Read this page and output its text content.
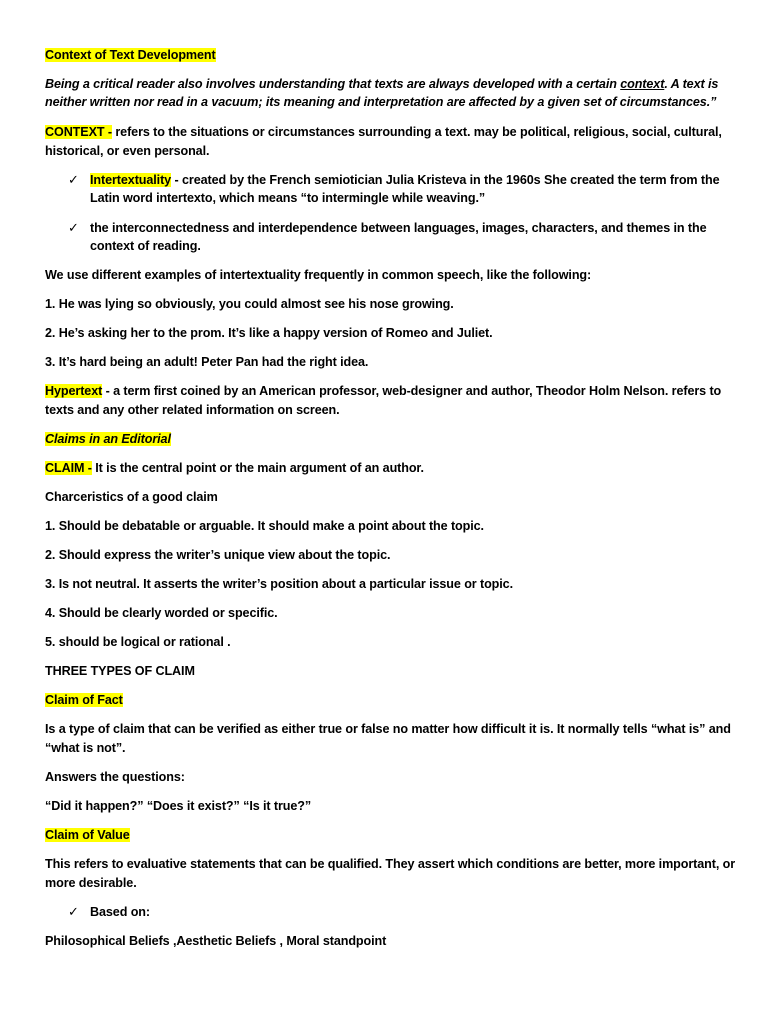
Context of Text Development
Being a critical reader also involves understanding that texts are always developed with a certain context. A text is
neither written nor read in a vacuum; its meaning and interpretation are affected by a given set of circumstances.”
CONTEXT - refers to the situations or circumstances surrounding a text. may be political, religious, social, cultural,
historical, or even personal.
✓ Intertextuality - created by the French semiotician Julia Kristeva in the 1960s She created the term from the
Latin word intertexto, which means “to intermingle while weaving.”
✓ the interconnectedness and interdependence between languages, images, characters, and themes in the
context of reading.
We use different examples of intertextuality frequently in common speech, like the following:
1. He was lying so obviously, you could almost see his nose growing.
2. He’s asking her to the prom. It’s like a happy version of Romeo and Juliet.
3. It’s hard being an adult! Peter Pan had the right idea.
Hypertext - a term first coined by an American professor, web-designer and author, Theodor Holm Nelson. refers to
texts and any other related information on screen.
Claims in an Editorial
CLAIM - It is the central point or the main argument of an author.
Charceristics of a good claim
1. Should be debatable or arguable. It should make a point about the topic.
2. Should express the writer’s unique view about the topic.
3. Is not neutral. It asserts the writer’s position about a particular issue or topic.
4. Should be clearly worded or specific.
5. should be logical or rational .
THREE TYPES OF CLAIM
Claim of Fact
Is a type of claim that can be verified as either true or false no matter how difficult it is. It normally tells “what is” and
“what is not”.
Answers the questions:
“Did it happen?” “Does it exist?” “Is it true?”
Claim of Value
This refers to evaluative statements that can be qualified. They assert which conditions are better, more important, or
more desirable.
✓ Based on:
Philosophical Beliefs ,Aesthetic Beliefs , Moral standpoint
